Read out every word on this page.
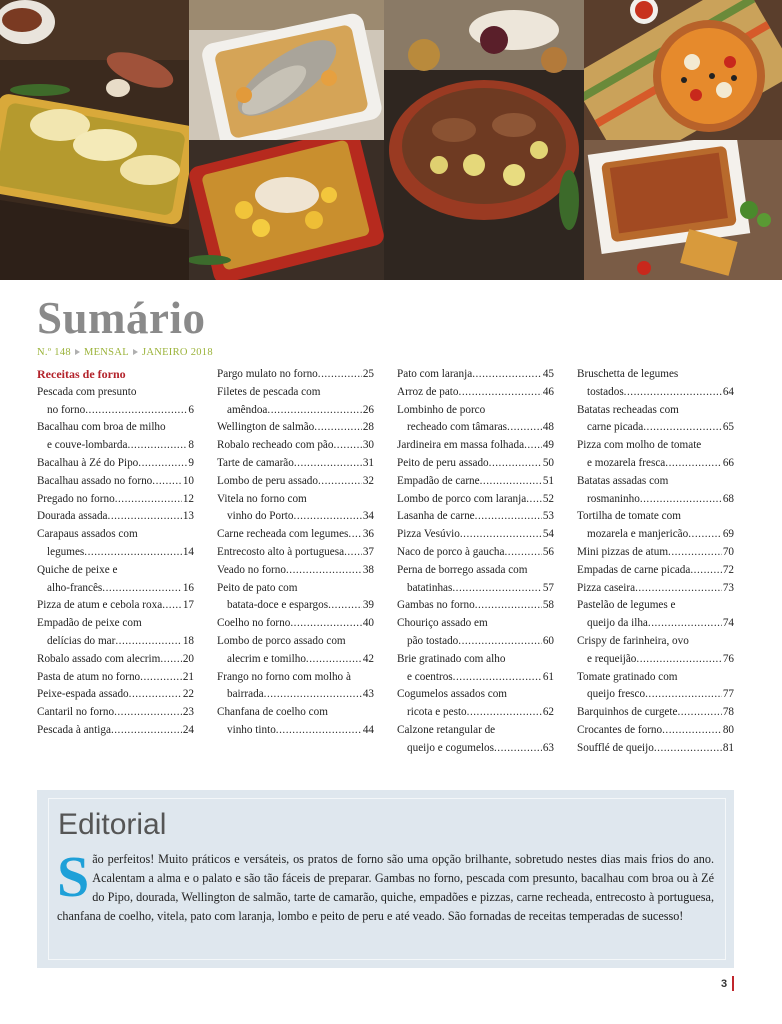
Sumário
N.º 148 MENSAL JANEIRO 2018
Receitas de forno
Pescada com presunto
no forno .....	6
Bacalhau com broa de milho
e couve-lombarda .....	8
Bacalhau à Zé do Pipo .....	9
Bacalhau assado no forno .....	10
Pregado no forno .....	12
Dourada assada .....	13
Carapaus assados com
legumes .....	14
Quiche de peixe e
alho-francês .....	16
Pizza de atum e cebola roxa ..... 17
Empadão de peixe com
delícias do mar .....	18
Robalo assado com alecrim ..... 20
Pasta de atum no forno .....	21
Peixe-espada assado .....	22
Cantaril no forno .....	23
Pescada à antiga .....	24
Pargo mulato no forno .....	25
Filetes de pescada com
amêndoa .....	26
Wellington de salmão .....	28
Robalo recheado com pão .....	30
Tarte de camarão .....	31
Lombo de peru assado .....	32
Vitela no forno com
vinho do Porto .....	34
Carne recheada com legumes ..... 36
Entrecosto alto à portuguesa ..... 37
Veado no forno .....	38
Peito de pato com
batata-doce e espargos .....	39
Coelho no forno .....	40
Lombo de porco assado com
alecrim e tomilho .....	42
Frango no forno com molho à
bairrada .....	43
Chanfana de coelho com
vinho tinto .....	44
Pato com laranja .....	45
Arroz de pato .....	46
Lombinho de porco
recheado com tâmaras .....	48
Jardineira em massa folhada ..... 49
Peito de peru assado .....	50
Empadão de carne .....	51
Lombo de porco com laranja ..... 52
Lasanha de carne .....	53
Pizza Vesúvio .....	54
Naco de porco à gaucha .....	56
Perna de borrego assada com
batatinhas .....	57
Gambas no forno .....	58
Chouriço assado em
pão tostado .....	60
Brie gratinado com alho
e coentros .....	61
Cogumelos assados com
ricota e pesto .....	62
Calzone retangular de
queijo e cogumelos .....	63
Bruschetta de legumes
tostados .....	64
Batatas recheadas com
carne picada .....	65
Pizza com molho de tomate
e mozarela fresca .....	66
Batatas assadas com
rosmaninho .....	68
Tortilha de tomate com
mozarela e manjericão .....	69
Mini pizzas de atum .....	70
Empadas de carne picada .....	72
Pizza caseira .....	73
Pastelão de legumes e
queijo da ilha .....	74
Crispy de farinheira, ovo
e requeijão .....	76
Tomate gratinado com
queijo fresco .....	77
Barquinhos de curgete .....	78
Crocantes de forno .....	80
Soufflé de queijo .....	81
Editorial
São perfeitos! Muito práticos e versáteis, os pratos de forno são uma opção brilhante, sobretudo nestes dias mais frios do ano. Acalentam a alma e o palato e são tão fáceis de preparar. Gambas no forno, pescada com presunto, bacalhau com broa ou à Zé do Pipo, dourada, Wellington de salmão, tarte de camarão, quiche, empadões e pizzas, carne recheada, entrecosto à portuguesa, chanfana de coelho, vitela, pato com laranja, lombo e peito de peru e até veado. São fornadas de receitas temperadas de sucesso!
3
